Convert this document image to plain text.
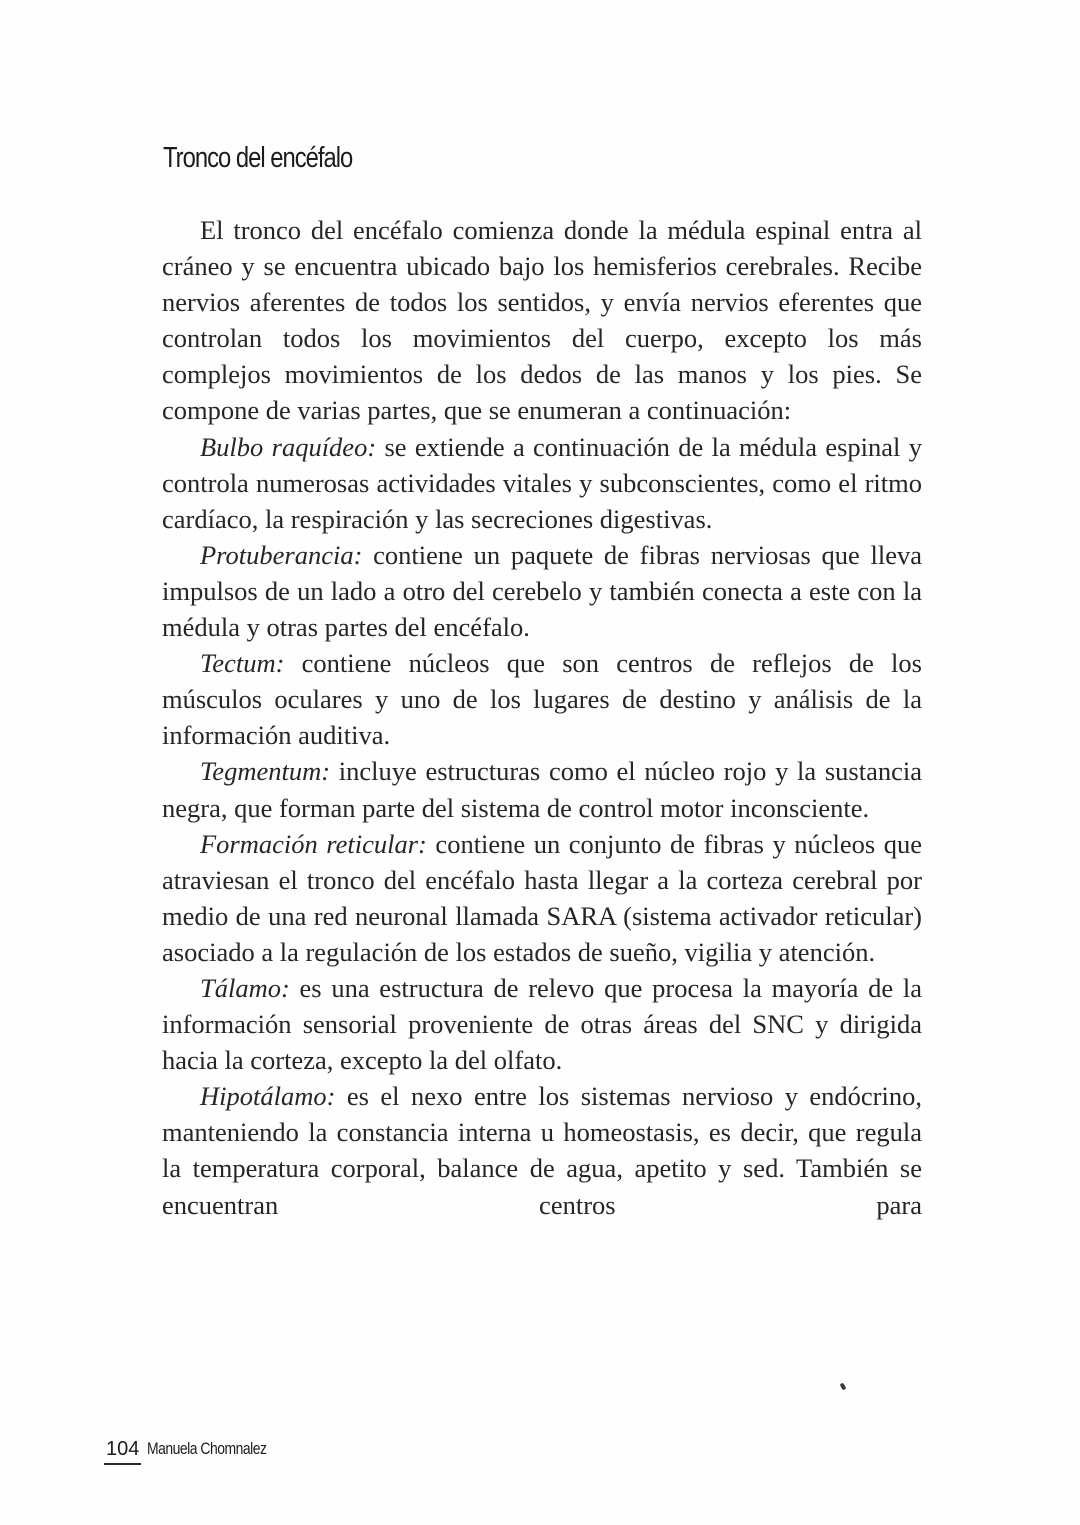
Tronco del encéfalo

El tronco del encéfalo comienza donde la médula espinal entra al cráneo y se encuentra ubicado bajo los hemisferios cerebrales. Recibe nervios aferentes de todos los sentidos, y envía nervios eferentes que controlan todos los movimientos del cuerpo, excepto los más complejos movimientos de los dedos de las manos y los pies. Se compone de varias partes, que se enumeran a continuación:

Bulbo raquídeo: se extiende a continuación de la médula espinal y controla numerosas actividades vitales y subconscientes, como el ritmo cardíaco, la respiración y las secreciones digestivas.

Protuberancia: contiene un paquete de fibras nerviosas que lleva impulsos de un lado a otro del cerebelo y también conecta a este con la médula y otras partes del encéfalo.

Tectum: contiene núcleos que son centros de reflejos de los músculos oculares y uno de los lugares de destino y análisis de la información auditiva.

Tegmentum: incluye estructuras como el núcleo rojo y la sustancia negra, que forman parte del sistema de control motor inconsciente.

Formación reticular: contiene un conjunto de fibras y núcleos que atraviesan el tronco del encéfalo hasta llegar a la corteza cerebral por medio de una red neuronal llamada SARA (sistema activador reticular) asociado a la regulación de los estados de sueño, vigilia y atención.

Tálamo: es una estructura de relevo que procesa la mayoría de la información sensorial proveniente de otras áreas del SNC y dirigida hacia la corteza, excepto la del olfato.

Hipotálamo: es el nexo entre los sistemas nervioso y endócrino, manteniendo la constancia interna u homeostasis, es decir, que regula la temperatura corporal, balance de agua, apetito y sed. También se encuentran centros para

104 Manuela Chomnalez
